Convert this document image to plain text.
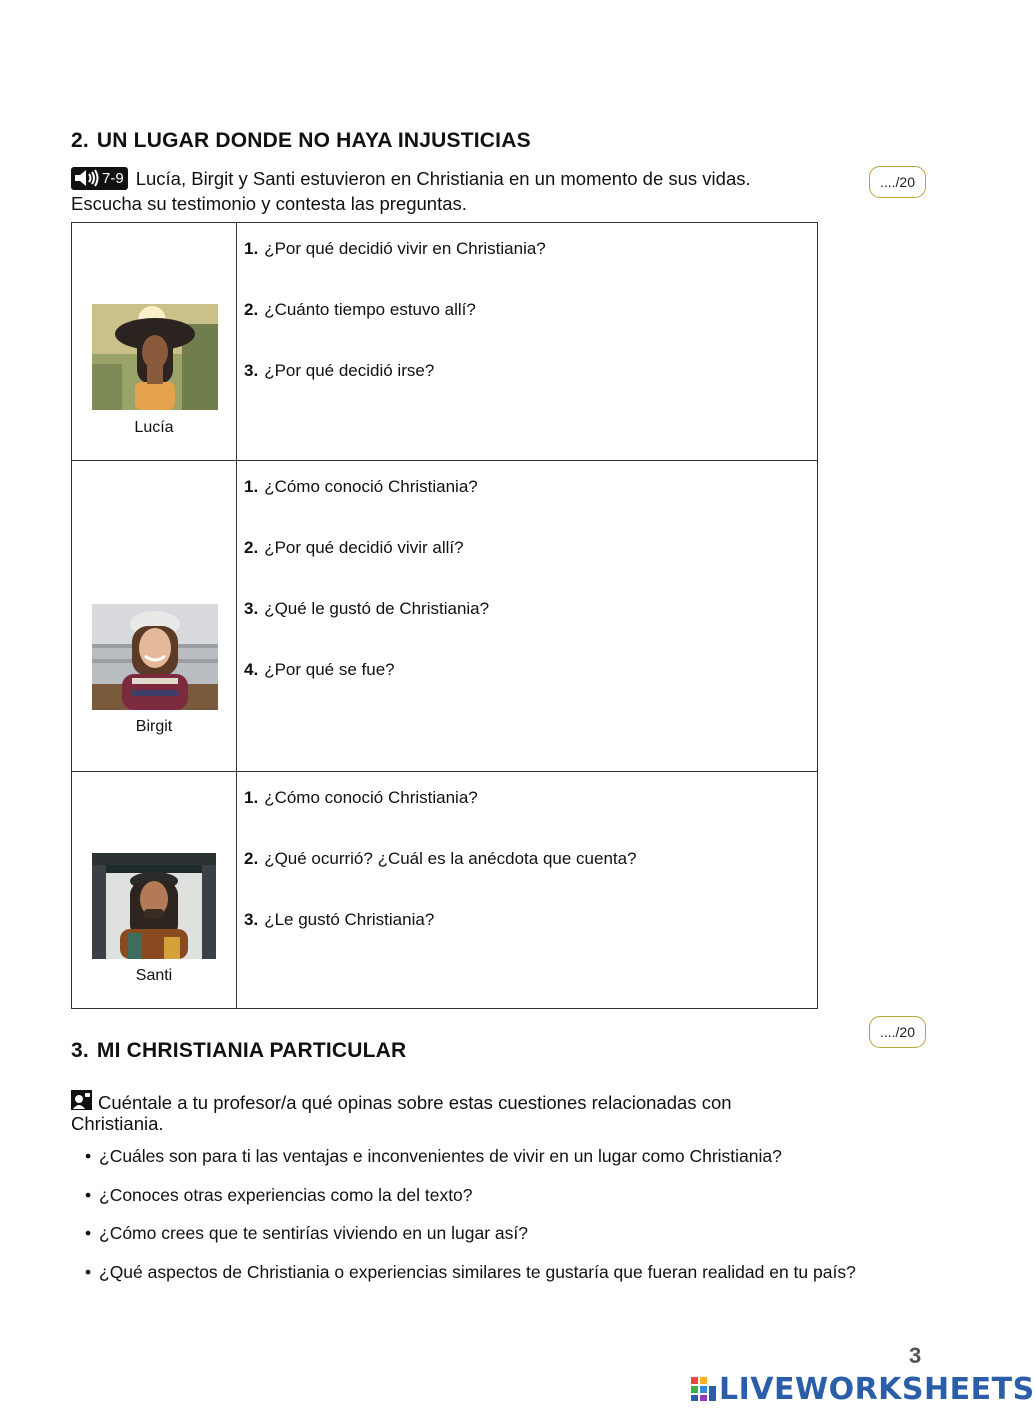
2. UN LUGAR DONDE NO HAYA INJUSTICIAS
7-9 Lucía, Birgit y Santi estuvieron en Christiania en un momento de sus vidas.
Escucha su testimonio y contesta las preguntas.
..../20
Lucía	1. ¿Por qué decidió vivir en Christiania?
2. ¿Cuánto tiempo estuvo allí?
3. ¿Por qué decidió irse?

Birgit	1. ¿Cómo conoció Christiania?
2. ¿Por qué decidió vivir allí?
3. ¿Qué le gustó de Christiania?
4. ¿Por qué se fue?

Santi	1. ¿Cómo conoció Christiania?
2. ¿Qué ocurrió? ¿Cuál es la anécdota que cuenta?
3. ¿Le gustó Christiania?
..../20
3. MI CHRISTIANIA PARTICULAR
Cuéntale a tu profesor/a qué opinas sobre estas cuestiones relacionadas con
Christiania.
• ¿Cuáles son para ti las ventajas e inconvenientes de vivir en un lugar como Christiania?
• ¿Conoces otras experiencias como la del texto?
• ¿Cómo crees que te sentirías viviendo en un lugar así?
• ¿Qué aspectos de Christiania o experiencias similares te gustaría que fueran realidad en tu país?
3
LIVEWORKSHEETS
